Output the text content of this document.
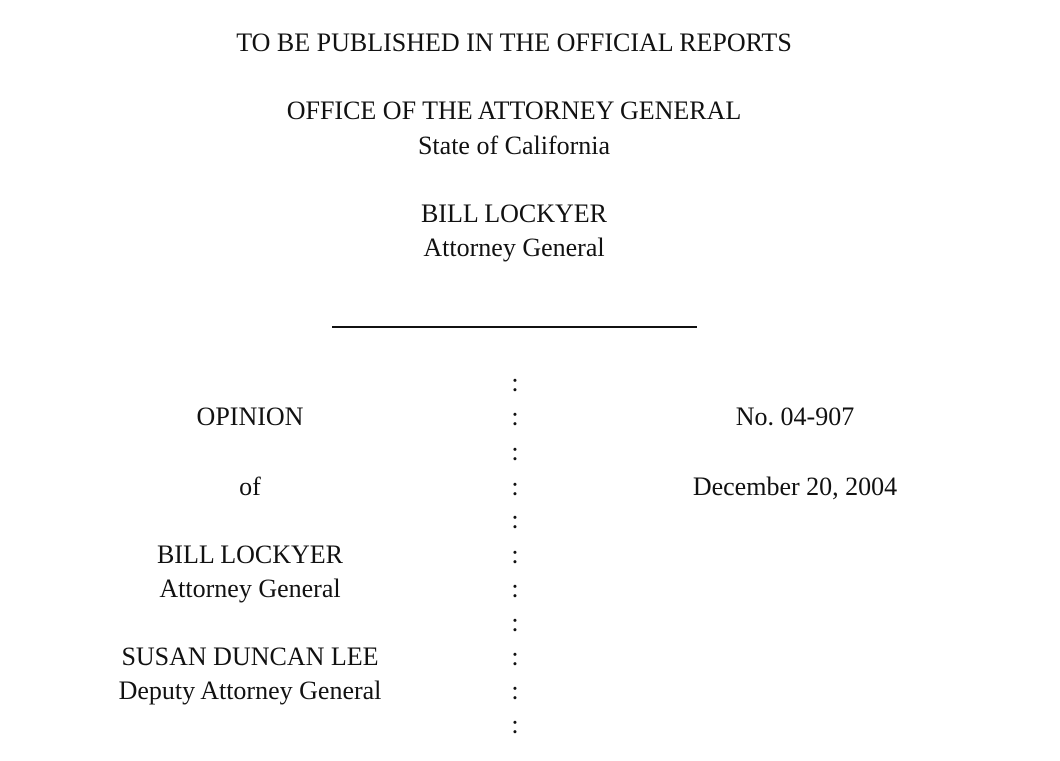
TO BE PUBLISHED IN THE OFFICIAL REPORTS
OFFICE OF THE ATTORNEY GENERAL
State of California
BILL LOCKYER
Attorney General
OPINION
of
BILL LOCKYER
Attorney General
SUSAN DUNCAN LEE
Deputy Attorney General
No. 04-907
December 20, 2004
:
:
:
:
:
:
:
:
:
:
:
